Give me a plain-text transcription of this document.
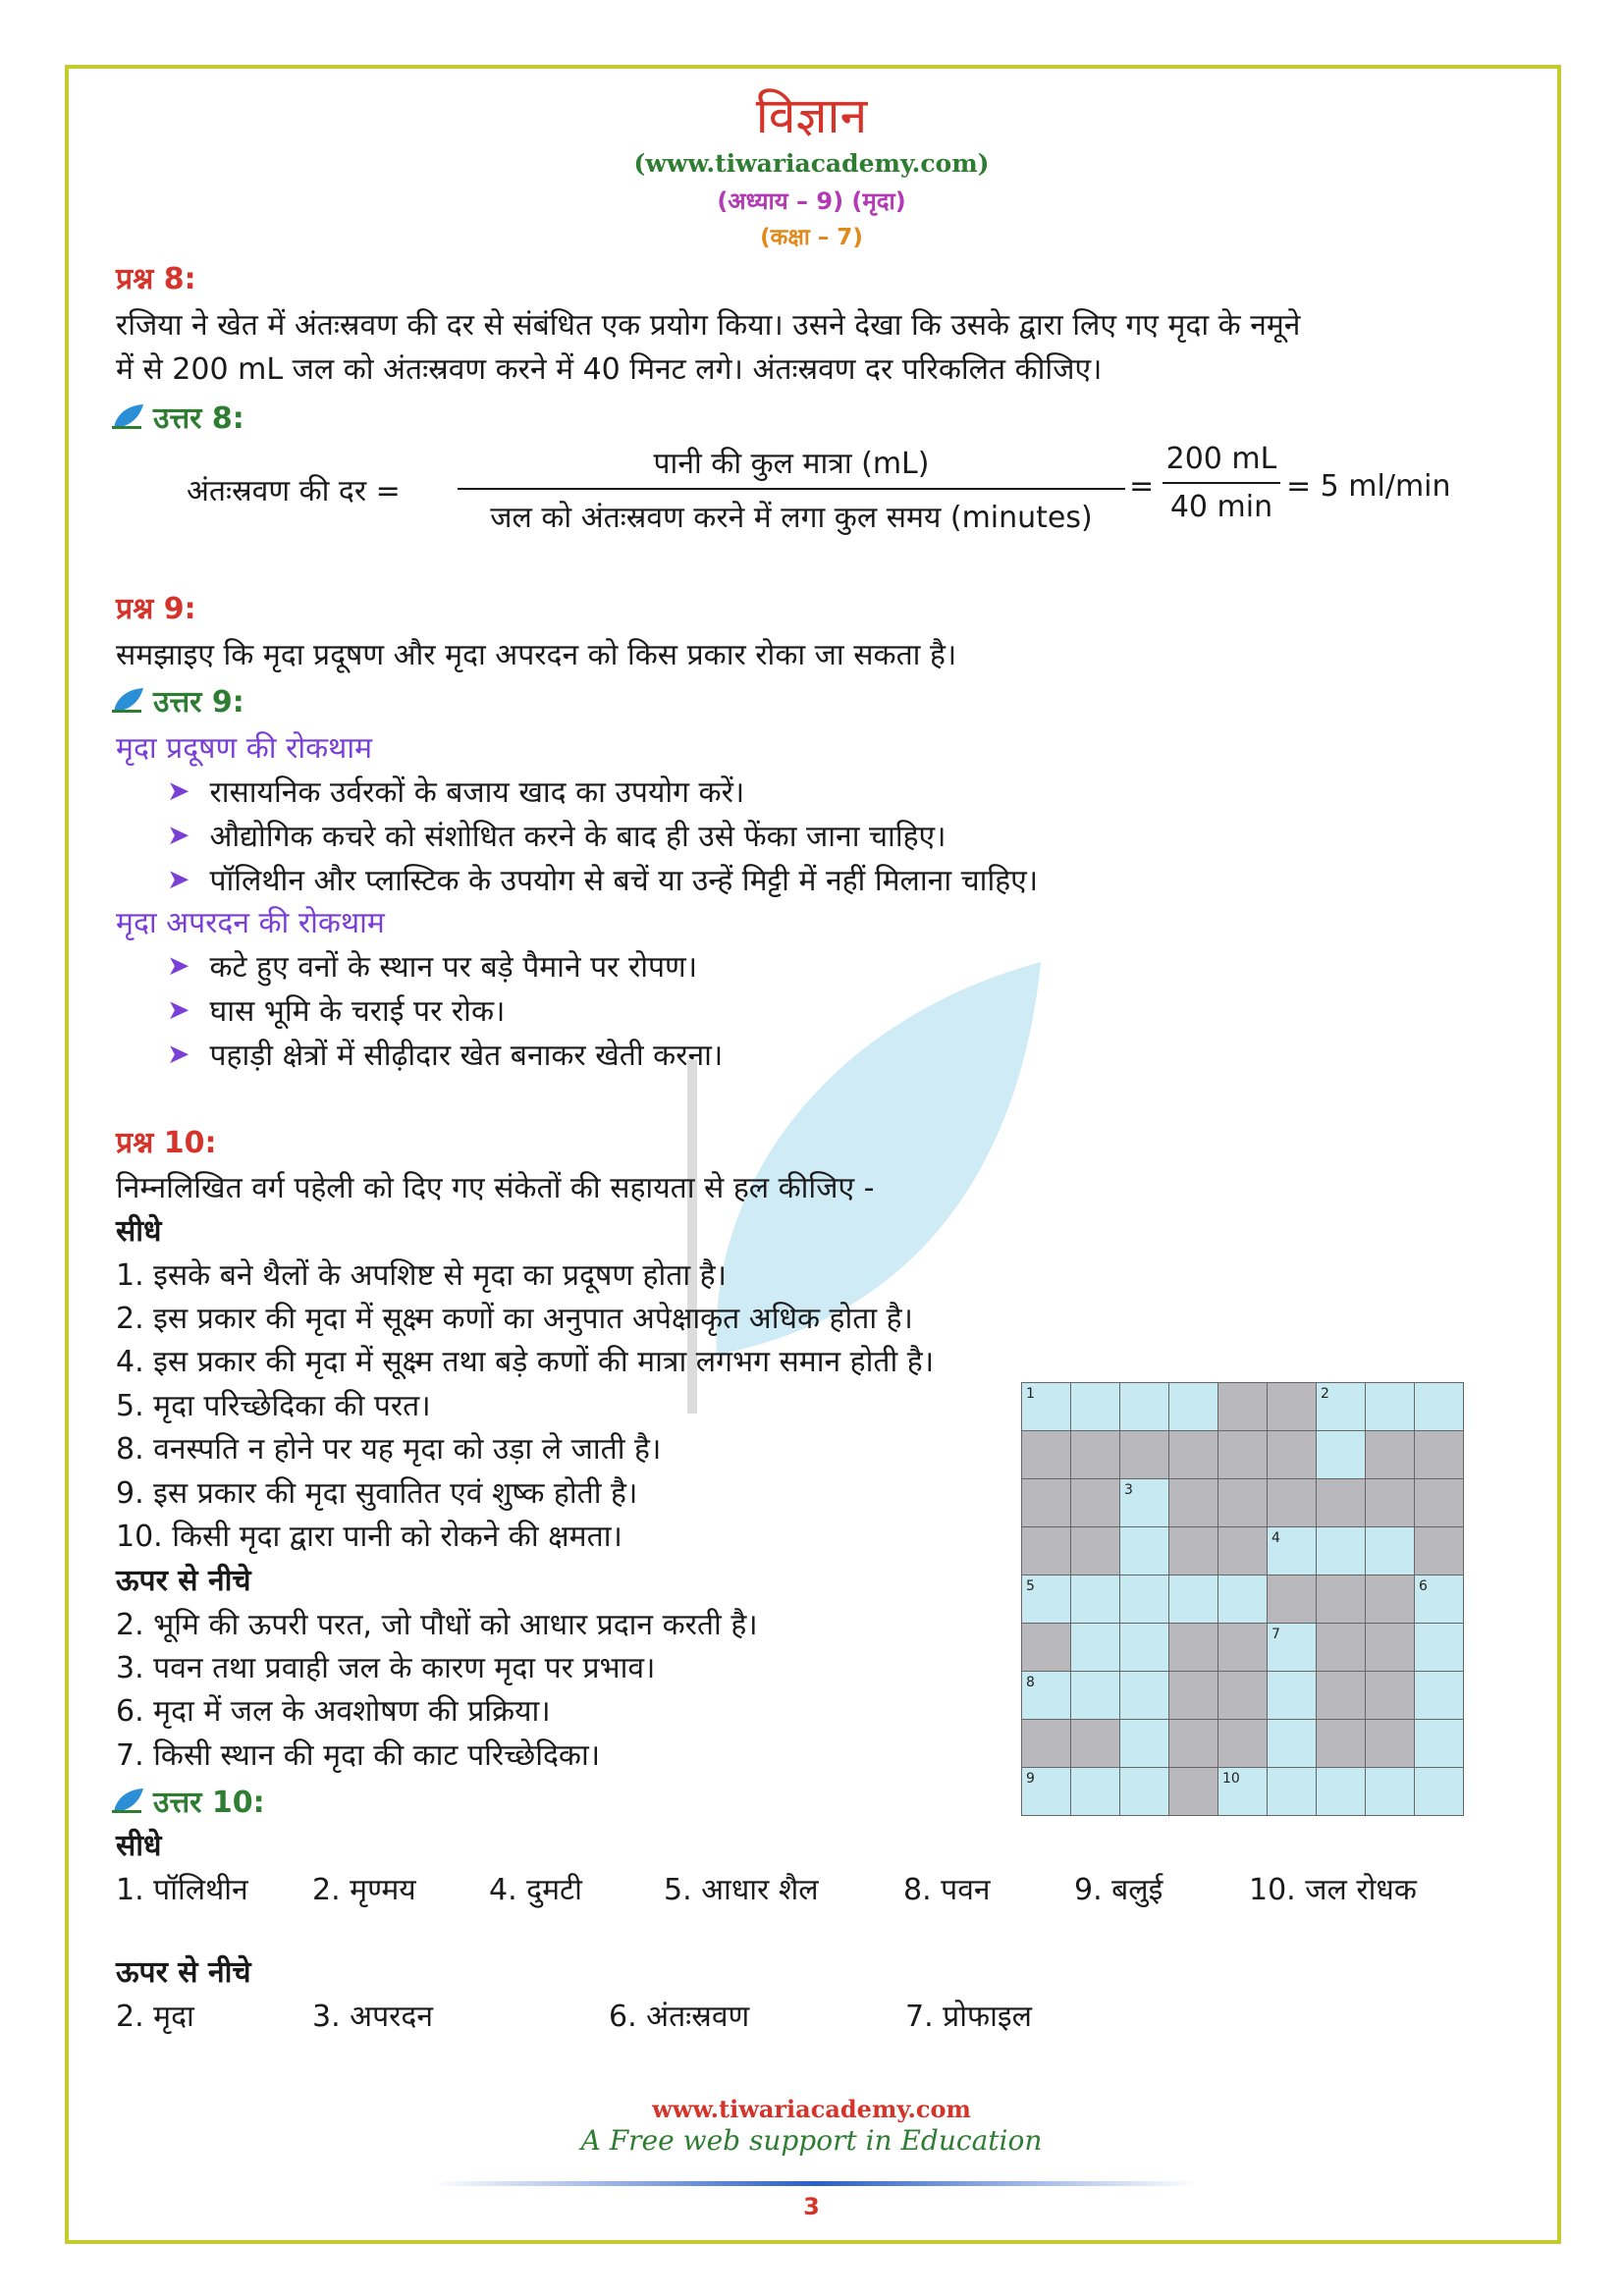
विज्ञान
(www.tiwariacademy.com)
(अध्याय – 9) (मृदा)
(कक्षा – 7)
प्रश्न 8:
रजिया ने खेत में अंतःस्रवण की दर से संबंधित एक प्रयोग किया। उसने देखा कि उसके द्वारा लिए गए मृदा के नमूने
में से 200 mL जल को अंतःस्रवण करने में 40 मिनट लगे। अंतःस्रवण दर परिकलित कीजिए।
उत्तर 8:
अंतःस्रवण की दर =
पानी की कुल मात्रा (mL)
जल को अंतःस्रवण करने में लगा कुल समय (minutes)
=
200 mL
40 min
= 5 ml/min
प्रश्न 9:
समझाइए कि मृदा प्रदूषण और मृदा अपरदन को किस प्रकार रोका जा सकता है।
उत्तर 9:
मृदा प्रदूषण की रोकथाम
➤ रासायनिक उर्वरकों के बजाय खाद का उपयोग करें।
➤ औद्योगिक कचरे को संशोधित करने के बाद ही उसे फेंका जाना चाहिए।
➤ पॉलिथीन और प्लास्टिक के उपयोग से बचें या उन्हें मिट्टी में नहीं मिलाना चाहिए।
मृदा अपरदन की रोकथाम
➤ कटे हुए वनों के स्थान पर बड़े पैमाने पर रोपण।
➤ घास भूमि के चराई पर रोक।
➤ पहाड़ी क्षेत्रों में सीढ़ीदार खेत बनाकर खेती करना।
प्रश्न 10:
निम्नलिखित वर्ग पहेली को दिए गए संकेतों की सहायता से हल कीजिए -
सीधे
1. इसके बने थैलों के अपशिष्ट से मृदा का प्रदूषण होता है।
2. इस प्रकार की मृदा में सूक्ष्म कणों का अनुपात अपेक्षाकृत अधिक होता है।
4. इस प्रकार की मृदा में सूक्ष्म तथा बड़े कणों की मात्रा लगभग समान होती है।
5. मृदा परिच्छेदिका की परत।
8. वनस्पति न होने पर यह मृदा को उड़ा ले जाती है।
9. इस प्रकार की मृदा सुवातित एवं शुष्क होती है।
10. किसी मृदा द्वारा पानी को रोकने की क्षमता।
ऊपर से नीचे
2. भूमि की ऊपरी परत, जो पौधों को आधार प्रदान करती है।
3. पवन तथा प्रवाही जल के कारण मृदा पर प्रभाव।
6. मृदा में जल के अवशोषण की प्रक्रिया।
7. किसी स्थान की मृदा की काट परिच्छेदिका।
1						2		

		3						

					4			

5								6

					7			

8								

9				10				

उत्तर 10:
सीधे
1. पॉलिथीन 2. मृण्मय 4. दुमटी	5. आधार शैल	8. पवन	9. बलुई	10. जल रोधक
ऊपर से नीचे
2. मृदा	3. अपरदन	6. अंतःस्रवण	7. प्रोफाइल
www.tiwariacademy.com
A Free web support in Education
3
